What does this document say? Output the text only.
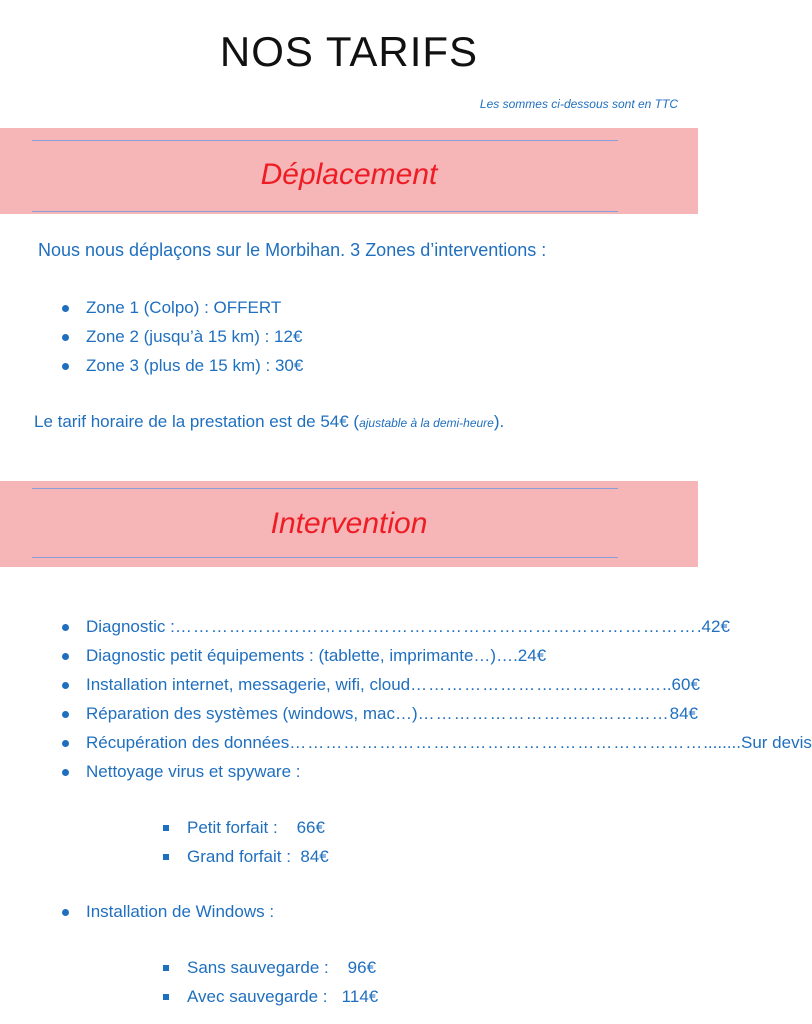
NOS TARIFS
Les sommes ci-dessous sont en TTC
Déplacement
Nous nous déplaçons sur le Morbihan. 3 Zones d’interventions :
Zone 1 (Colpo) : OFFERT
Zone 2 (jusqu’à 15 km) : 12€
Zone 3 (plus de 15 km) : 30€
Le tarif horaire de la prestation est de 54€ (ajustable à la demi-heure).
Intervention
Diagnostic : …………………………………………………………………………… .42€
Diagnostic petit équipements : (tablette, imprimante…) ….24€
Installation internet, messagerie, wifi, cloud …………………………………… ..60€
Réparation des systèmes (windows, mac…) …………………………………… 84€
Récupération des données …………………………………………………………… ........Sur devis
Nettoyage virus et spyware :
Petit forfait :    66€
Grand forfait :  84€
Installation de Windows :
Sans sauvegarde :    96€
Avec sauvegarde :   114€
